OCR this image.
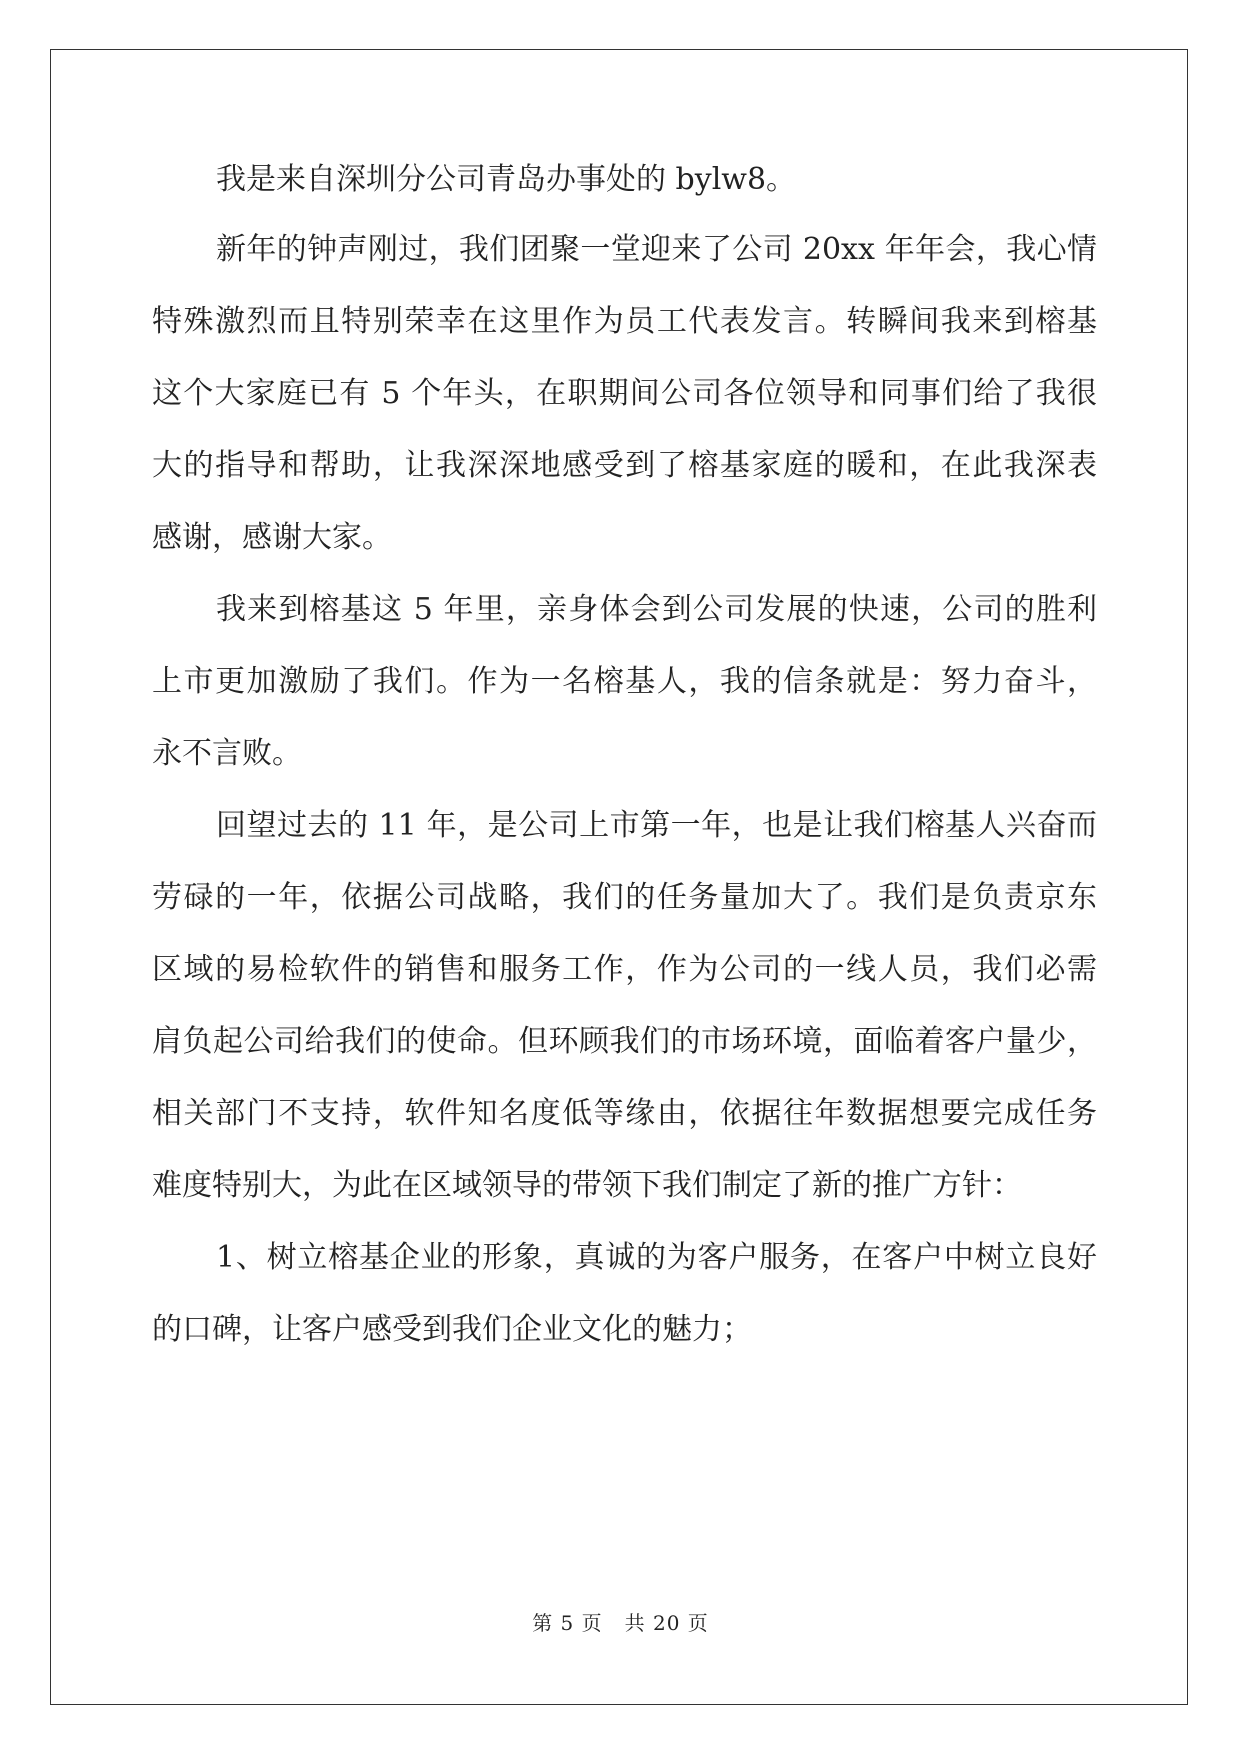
我是来自深圳分公司青岛办事处的 bylw8。
新年的钟声刚过，我们团聚一堂迎来了公司 20xx 年年会，我心情
特殊激烈而且特别荣幸在这里作为员工代表发言。转瞬间我来到榕基
这个大家庭已有 5 个年头，在职期间公司各位领导和同事们给了我很
大的指导和帮助，让我深深地感受到了榕基家庭的暖和，在此我深表
感谢，感谢大家。
我来到榕基这 5 年里，亲身体会到公司发展的快速，公司的胜利
上市更加激励了我们。作为一名榕基人，我的信条就是：努力奋斗，
永不言败。
回望过去的 11 年，是公司上市第一年，也是让我们榕基人兴奋而
劳碌的一年，依据公司战略，我们的任务量加大了。我们是负责京东
区域的易检软件的销售和服务工作，作为公司的一线人员，我们必需
肩负起公司给我们的使命。但环顾我们的市场环境，面临着客户量少，
相关部门不支持，软件知名度低等缘由，依据往年数据想要完成任务
难度特别大，为此在区域领导的带领下我们制定了新的推广方针：
1、树立榕基企业的形象，真诚的为客户服务，在客户中树立良好
的口碑，让客户感受到我们企业文化的魅力；
第 5 页 共 20 页
